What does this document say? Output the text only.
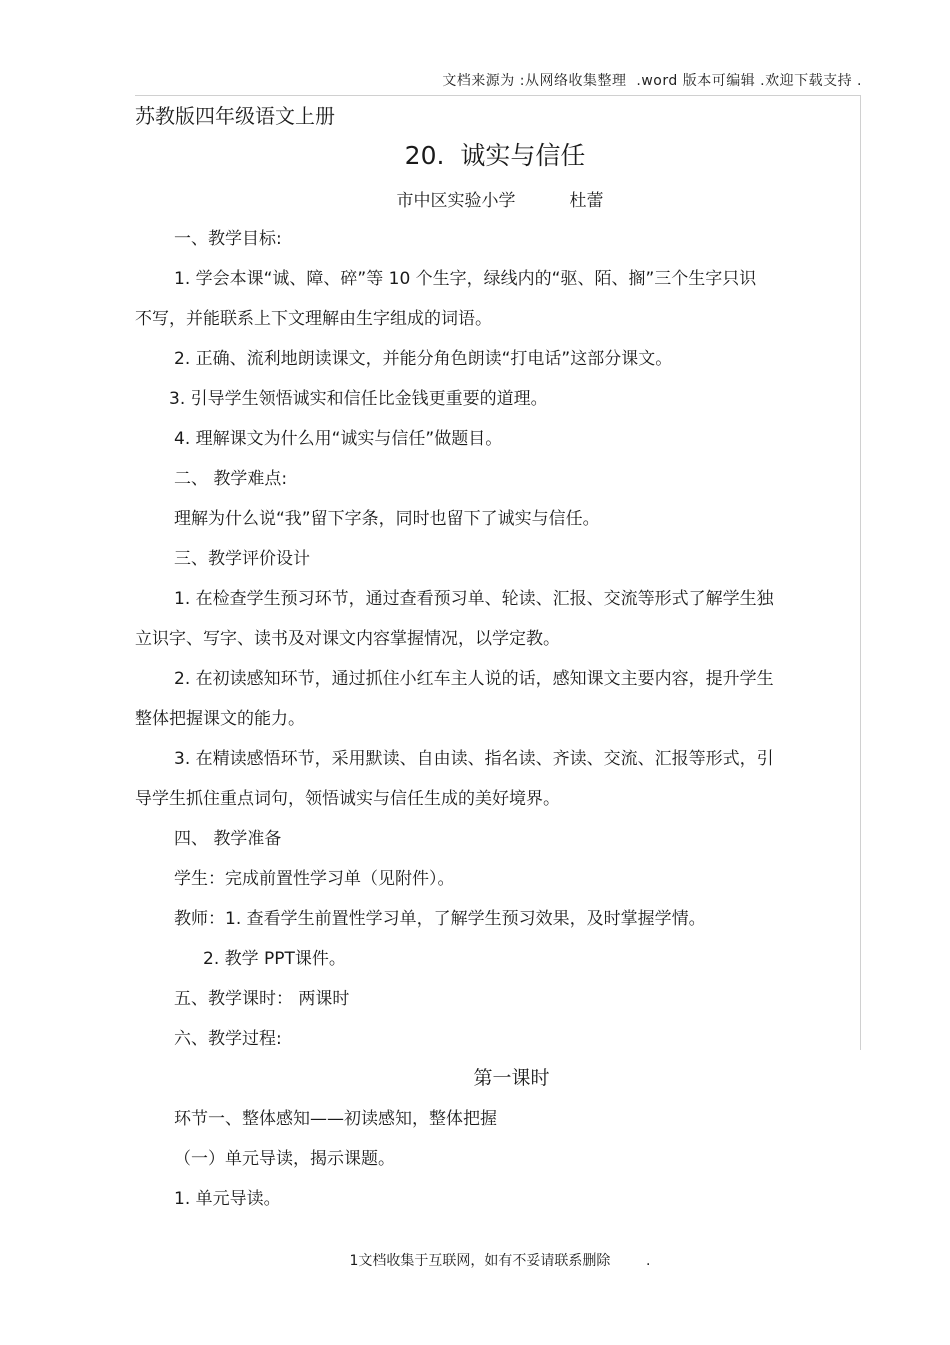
文档来源为 :从网络收集整理  .word 版本可编辑 .欢迎下载支持 .
苏教版四年级语文上册
20.  诚实与信任
市中区实验小学	杜蕾
一、教学目标:
1. 学会本课“诚、障、碎”等 10 个生字，绿线内的“驱、陌、搁”三个生字只识
不写，并能联系上下文理解由生字组成的词语。
2. 正确、流利地朗读课文，并能分角色朗读“打电话”这部分课文。
3. 引导学生领悟诚实和信任比金钱更重要的道理。
4. 理解课文为什么用“诚实与信任”做题目。
二、 教学难点:
理解为什么说“我”留下字条，同时也留下了诚实与信任。
三、教学评价设计
1. 在检查学生预习环节，通过查看预习单、轮读、汇报、交流等形式了解学生独
立识字、写字、读书及对课文内容掌握情况，以学定教。
2. 在初读感知环节，通过抓住小红车主人说的话，感知课文主要内容，提升学生
整体把握课文的能力。
3. 在精读感悟环节，采用默读、自由读、指名读、齐读、交流、汇报等形式，引
导学生抓住重点词句，领悟诚实与信任生成的美好境界。
四、 教学准备
学生：完成前置性学习单（见附件）。
教师：1. 查看学生前置性学习单，了解学生预习效果，及时掌握学情。
2. 教学 PPT课件。
五、教学课时： 两课时
六、教学过程:
第一课时
环节一、整体感知——初读感知，整体把握
（一）单元导读，揭示课题。
1. 单元导读。
1文档收集于互联网，如有不妥请联系删除        .
